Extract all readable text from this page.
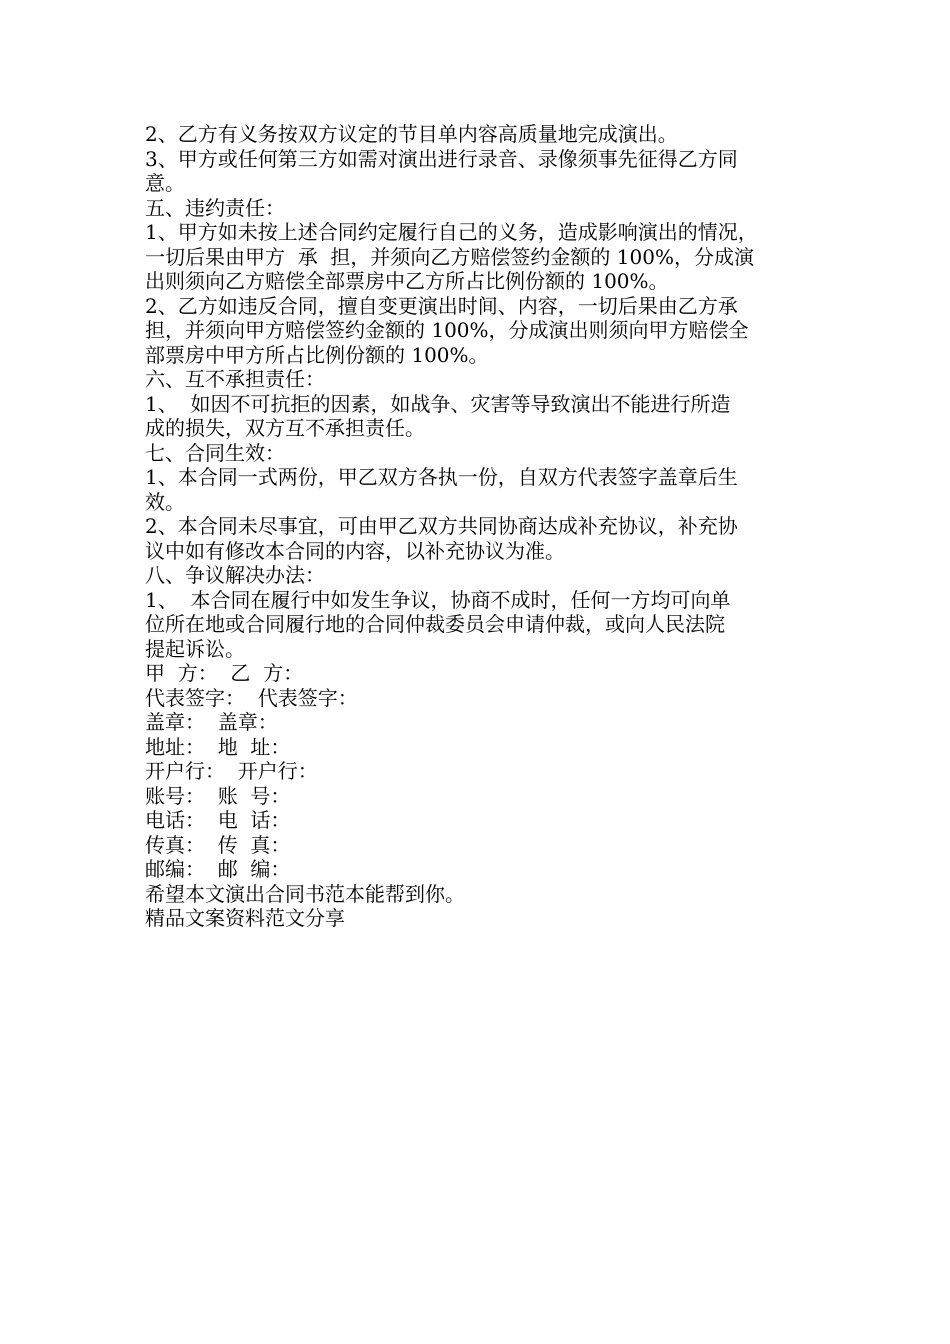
2、乙方有义务按双方议定的节目单内容高质量地完成演出。

3、甲方或任何第三方如需对演出进行录音、录像须事先征得乙方同

意。

五、违约责任：

1、甲方如未按上述合同约定履行自己的义务，造成影响演出的情况，

一切后果由甲方  承  担，并须向乙方赔偿签约金额的 100%，分成演

出则须向乙方赔偿全部票房中乙方所占比例份额的 100%。

2、乙方如违反合同，擅自变更演出时间、内容，一切后果由乙方承

担，并须向甲方赔偿签约金额的 100%，分成演出则须向甲方赔偿全

部票房中甲方所占比例份额的 100%。

六、互不承担责任：

1、  如因不可抗拒的因素，如战争、灾害等导致演出不能进行所造

成的损失，双方互不承担责任。

七、合同生效：

1、本合同一式两份，甲乙双方各执一份，自双方代表签字盖章后生

效。

2、本合同未尽事宜，可由甲乙双方共同协商达成补充协议，补充协

议中如有修改本合同的内容，以补充协议为准。

八、争议解决办法：

1、  本合同在履行中如发生争议，协商不成时，任何一方均可向单

位所在地或合同履行地的合同仲裁委员会申请仲裁，或向人民法院

提起诉讼。

甲  方：  乙  方：

代表签字：  代表签字：

盖章：  盖章：

地址：  地  址：

开户行：  开户行：

账号：  账  号：

电话：  电  话：

传真：  传  真：

邮编：  邮  编：

希望本文演出合同书范本能帮到你。

精品文案资料范文分享
